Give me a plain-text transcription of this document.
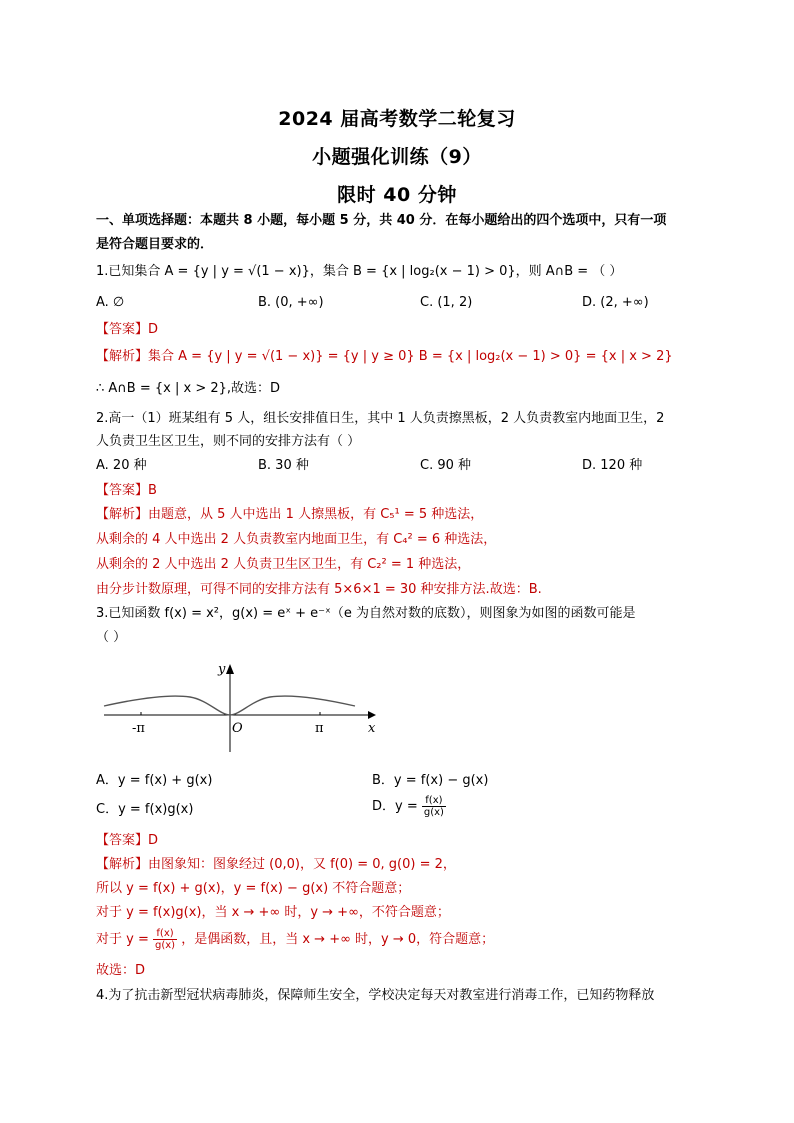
2024 届高考数学二轮复习
小题强化训练（9）
限时 40 分钟
一、单项选择题：本题共 8 小题，每小题 5 分，共 40 分．在每小题给出的四个选项中，只有一项
是符合题目要求的．
1.已知集合 A = {y | y = √(1 − x)}，集合 B = {x | log₂(x − 1) > 0}，则 A∩B = （ ）
A. ∅	B. (0, +∞)	C. (1, 2)	D. (2, +∞)
【答案】D
【解析】集合 A = {y | y = √(1 − x)} = {y | y ≥ 0} B = {x | log₂(x − 1) > 0} = {x | x > 2}
∴ A∩B = {x | x > 2},故选：D
2.高一（1）班某组有 5 人，组长安排值日生，其中 1 人负责擦黑板，2 人负责教室内地面卫生，2
人负责卫生区卫生，则不同的安排方法有（ ）
A. 20 种	B. 30 种	C. 90 种	D. 120 种
【答案】B
【解析】由题意，从 5 人中选出 1 人擦黑板，有 C₅¹ = 5 种选法，
从剩余的 4 人中选出 2 人负责教室内地面卫生，有 C₄² = 6 种选法，
从剩余的 2 人中选出 2 人负责卫生区卫生，有 C₂² = 1 种选法，
由分步计数原理，可得不同的安排方法有 5×6×1 = 30 种安排方法.故选：B.
3.已知函数 f(x) = x²，g(x) = eˣ + e⁻ˣ（e 为自然对数的底数），则图象为如图的函数可能是
（ ）
y
x
O
-π	π
A．y = f(x) + g(x)	B．y = f(x) − g(x)
C．y = f(x)g(x)	D．$y = \frac{f(x)}{g(x)}$
【答案】D
【解析】由图象知：图象经过 (0,0)，又 f(0) = 0, g(0) = 2，
所以 y = f(x) + g(x)，y = f(x) − g(x) 不符合题意；
对于 y = f(x)g(x)，当 x → +∞ 时，y → +∞，不符合题意；
对于 $y = \frac{f(x)}{g(x)}$ ，是偶函数，且，当 x → +∞ 时，y → 0，符合题意；
故选：D
4.为了抗击新型冠状病毒肺炎，保障师生安全，学校决定每天对教室进行消毒工作，已知药物释放
